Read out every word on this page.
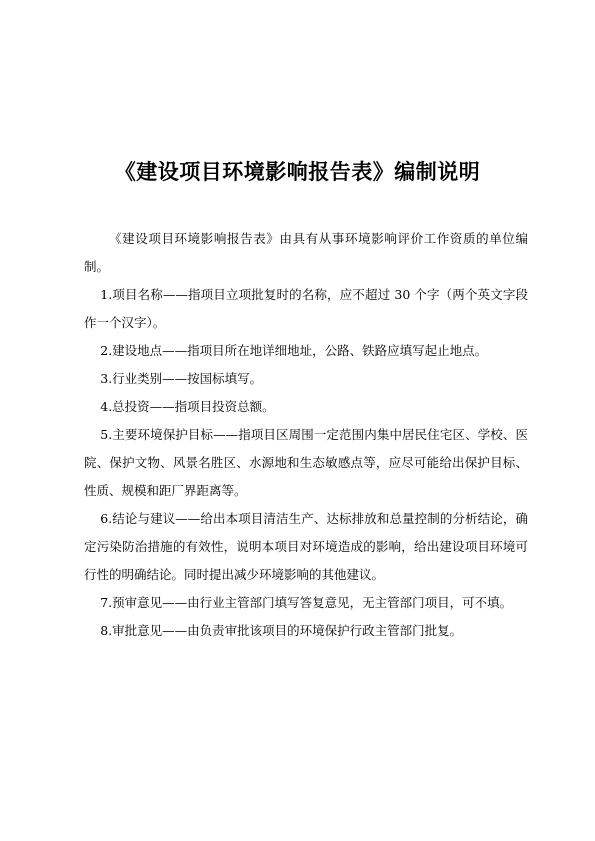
《建设项目环境影响报告表》编制说明

《建设项目环境影响报告表》由具有从事环境影响评价工作资质的单位编制。

1.项目名称——指项目立项批复时的名称，应不超过 30 个字（两个英文字段作一个汉字）。

2.建设地点——指项目所在地详细地址，公路、铁路应填写起止地点。

3.行业类别——按国标填写。

4.总投资——指项目投资总额。

5.主要环境保护目标——指项目区周围一定范围内集中居民住宅区、学校、医院、保护文物、风景名胜区、水源地和生态敏感点等，应尽可能给出保护目标、性质、规模和距厂界距离等。

6.结论与建议——给出本项目清洁生产、达标排放和总量控制的分析结论，确定污染防治措施的有效性，说明本项目对环境造成的影响，给出建设项目环境可行性的明确结论。同时提出减少环境影响的其他建议。

7.预审意见——由行业主管部门填写答复意见，无主管部门项目，可不填。

8.审批意见——由负责审批该项目的环境保护行政主管部门批复。
